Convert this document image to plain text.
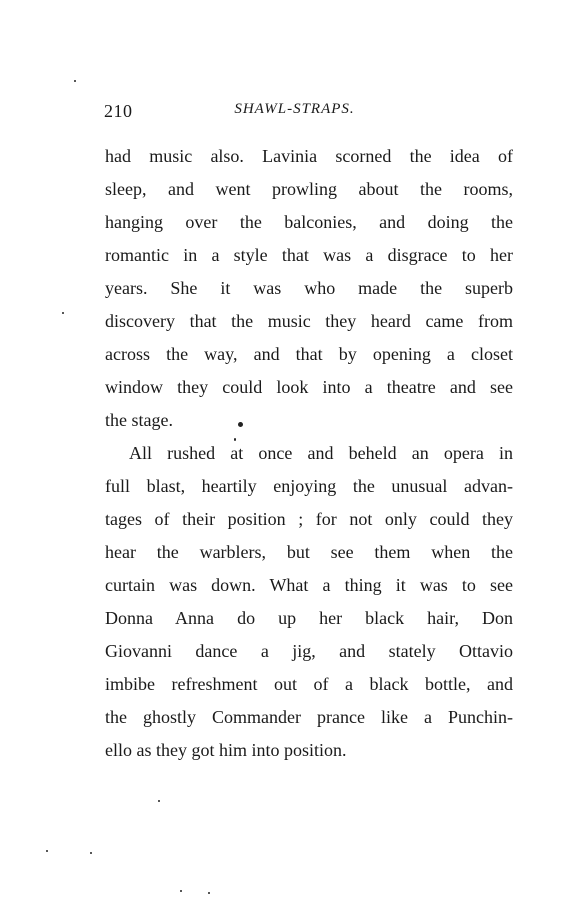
210	SHAWL-STRAPS.
had music also. Lavinia scorned the idea of
sleep, and went prowling about the rooms,
hanging over the balconies, and doing the
romantic in a style that was a disgrace to her
years. She it was who made the superb
discovery that the music they heard came from
across the way, and that by opening a closet
window they could look into a theatre and see
the stage.
All rushed at once and beheld an opera in
full blast, heartily enjoying the unusual advan-
tages of their position ; for not only could they
hear the warblers, but see them when the
curtain was down. What a thing it was to see
Donna Anna do up her black hair, Don
Giovanni dance a jig, and stately Ottavio
imbibe refreshment out of a black bottle, and
the ghostly Commander prance like a Punchin-
ello as they got him into position.
